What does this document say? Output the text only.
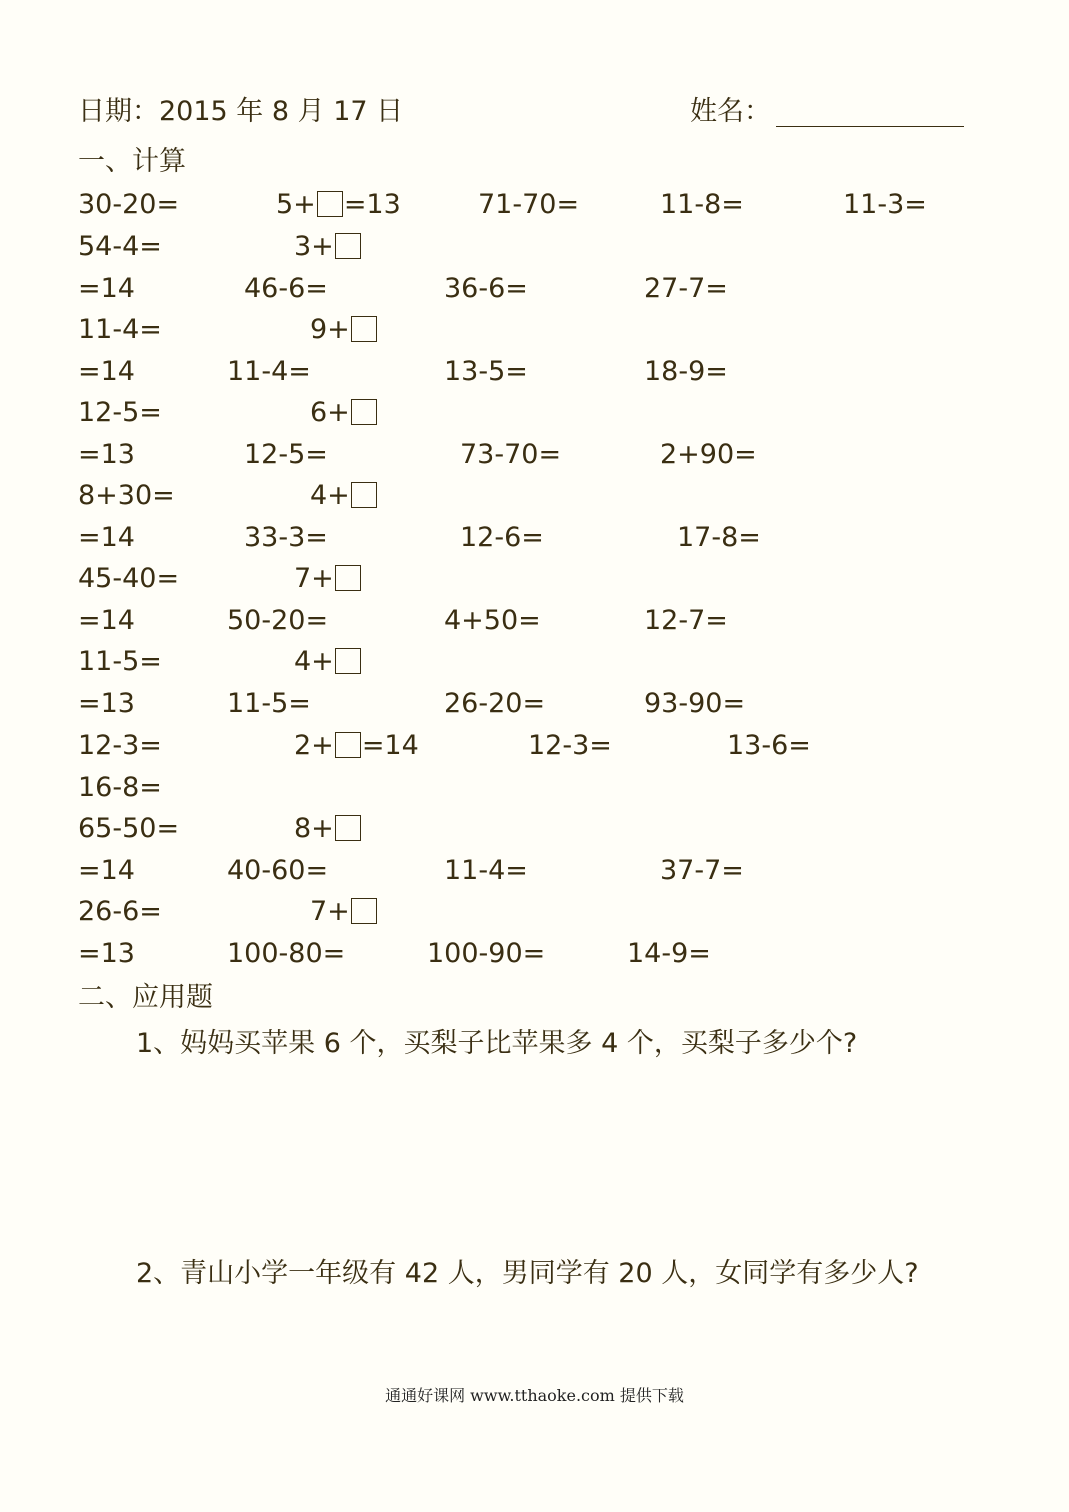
日期：2015 年 8 月 17 日	姓名：
一、计算
30-20=	5+ =13	71-70=	11-8=	11-3=
54-4=	3+
=14	46-6=	36-6=	27-7=
11-4=	9+
=14	11-4=	13-5=	18-9=
12-5=	6+
=13	12-5=	73-70=	2+90=
8+30=	4+
=14	33-3=	12-6=	17-8=
45-40=	7+
=14	50-20=	4+50=	12-7=
11-5=	4+
=13	11-5=	26-20=	93-90=
12-3=	2+ =14	12-3=	13-6=
16-8=
65-50=	8+
=14	40-60=	11-4=	37-7=
26-6=	7+
=13	100-80=	100-90=	14-9=
二、应用题
1、妈妈买苹果 6 个，买梨子比苹果多 4 个，买梨子多少个?
2、青山小学一年级有 42 人，男同学有 20 人，女同学有多少人?
通通好课网 www.tthaoke.com 提供下载
